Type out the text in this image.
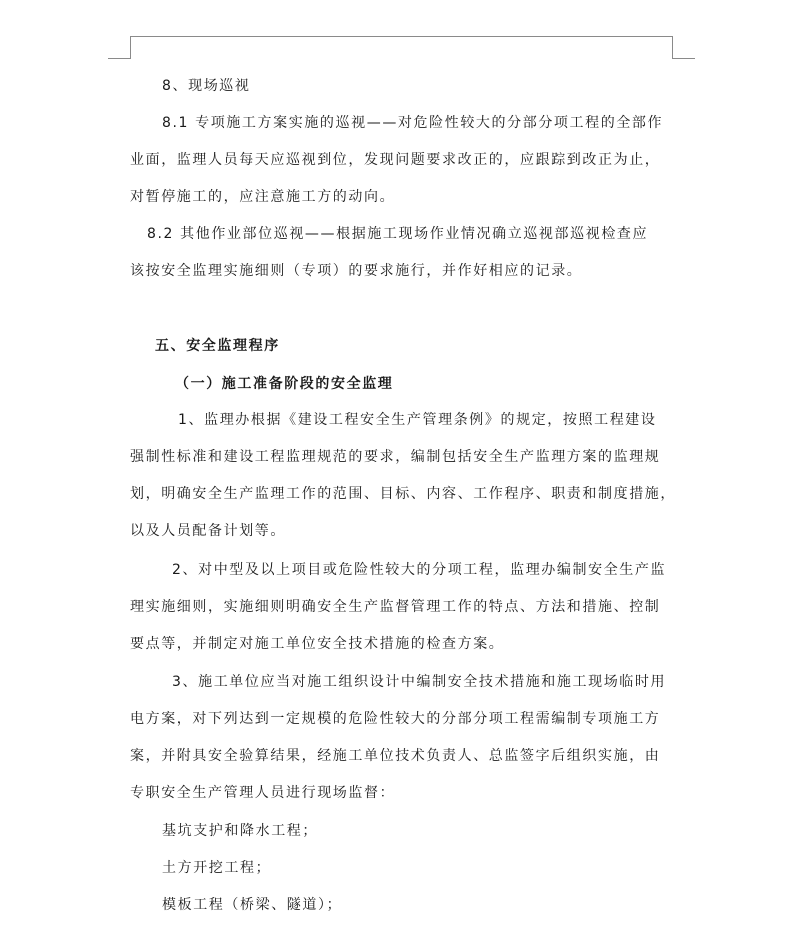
8、现场巡视
8.1 专项施工方案实施的巡视——对危险性较大的分部分项工程的全部作
业面，监理人员每天应巡视到位，发现问题要求改正的，应跟踪到改正为止，
对暂停施工的，应注意施工方的动向。
8.2 其他作业部位巡视——根据施工现场作业情况确立巡视部巡视检查应
该按安全监理实施细则（专项）的要求施行，并作好相应的记录。
五、安全监理程序
（一）施工准备阶段的安全监理
1、监理办根据《建设工程安全生产管理条例》的规定，按照工程建设
强制性标准和建设工程监理规范的要求，编制包括安全生产监理方案的监理规
划，明确安全生产监理工作的范围、目标、内容、工作程序、职责和制度措施，
以及人员配备计划等。
2、对中型及以上项目或危险性较大的分项工程，监理办编制安全生产监
理实施细则，实施细则明确安全生产监督管理工作的特点、方法和措施、控制
要点等，并制定对施工单位安全技术措施的检查方案。
3、施工单位应当对施工组织设计中编制安全技术措施和施工现场临时用
电方案，对下列达到一定规模的危险性较大的分部分项工程需编制专项施工方
案，并附具安全验算结果，经施工单位技术负责人、总监签字后组织实施，由
专职安全生产管理人员进行现场监督：
基坑支护和降水工程；
土方开挖工程；
模板工程（桥梁、隧道）；
